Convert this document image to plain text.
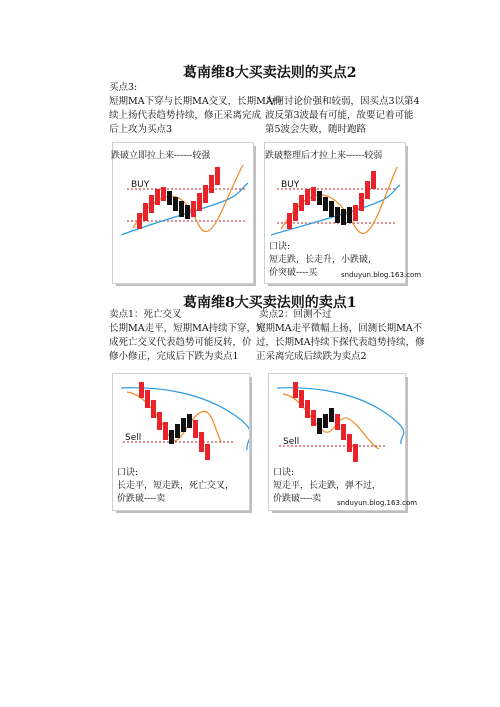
葛南维8大买卖法则的买点2
买点3:
短期MA下穿与长期MA交叉，长期MA持
续上扬代表趋势持续，修正采离完成
后上攻为买点3
为何讨论价强和较弱，因买点3以第4
波反第3波最有可能，故要记着可能
第5波会失败，随时跑路
跌破立即拉上来------较强
BUY
跌破整理后才拉上来------较弱
BUY
口诀:
短走跌，长走升，小跌破，
价突破----买	snduyun.blog.163.com
葛南维8大买卖法则的卖点1
卖点1：死亡交叉
长期MA走平，短期MA持续下穿，完
成死亡交叉代表趋势可能反转，价
修小修正，完成后下跌为卖点1
卖点2：回测不过
短期MA走平微幅上扬，回测长期MA不
过，长期MA持续下探代表趋势持续，修
正采离完成后续跌为卖点2
Sell
口诀:
长走平，短走跌，死亡交叉，
价跌破----卖
Sell
口诀:
短走平，长走跌，弹不过，
价跌破----卖 snduyun.blog.163.com
